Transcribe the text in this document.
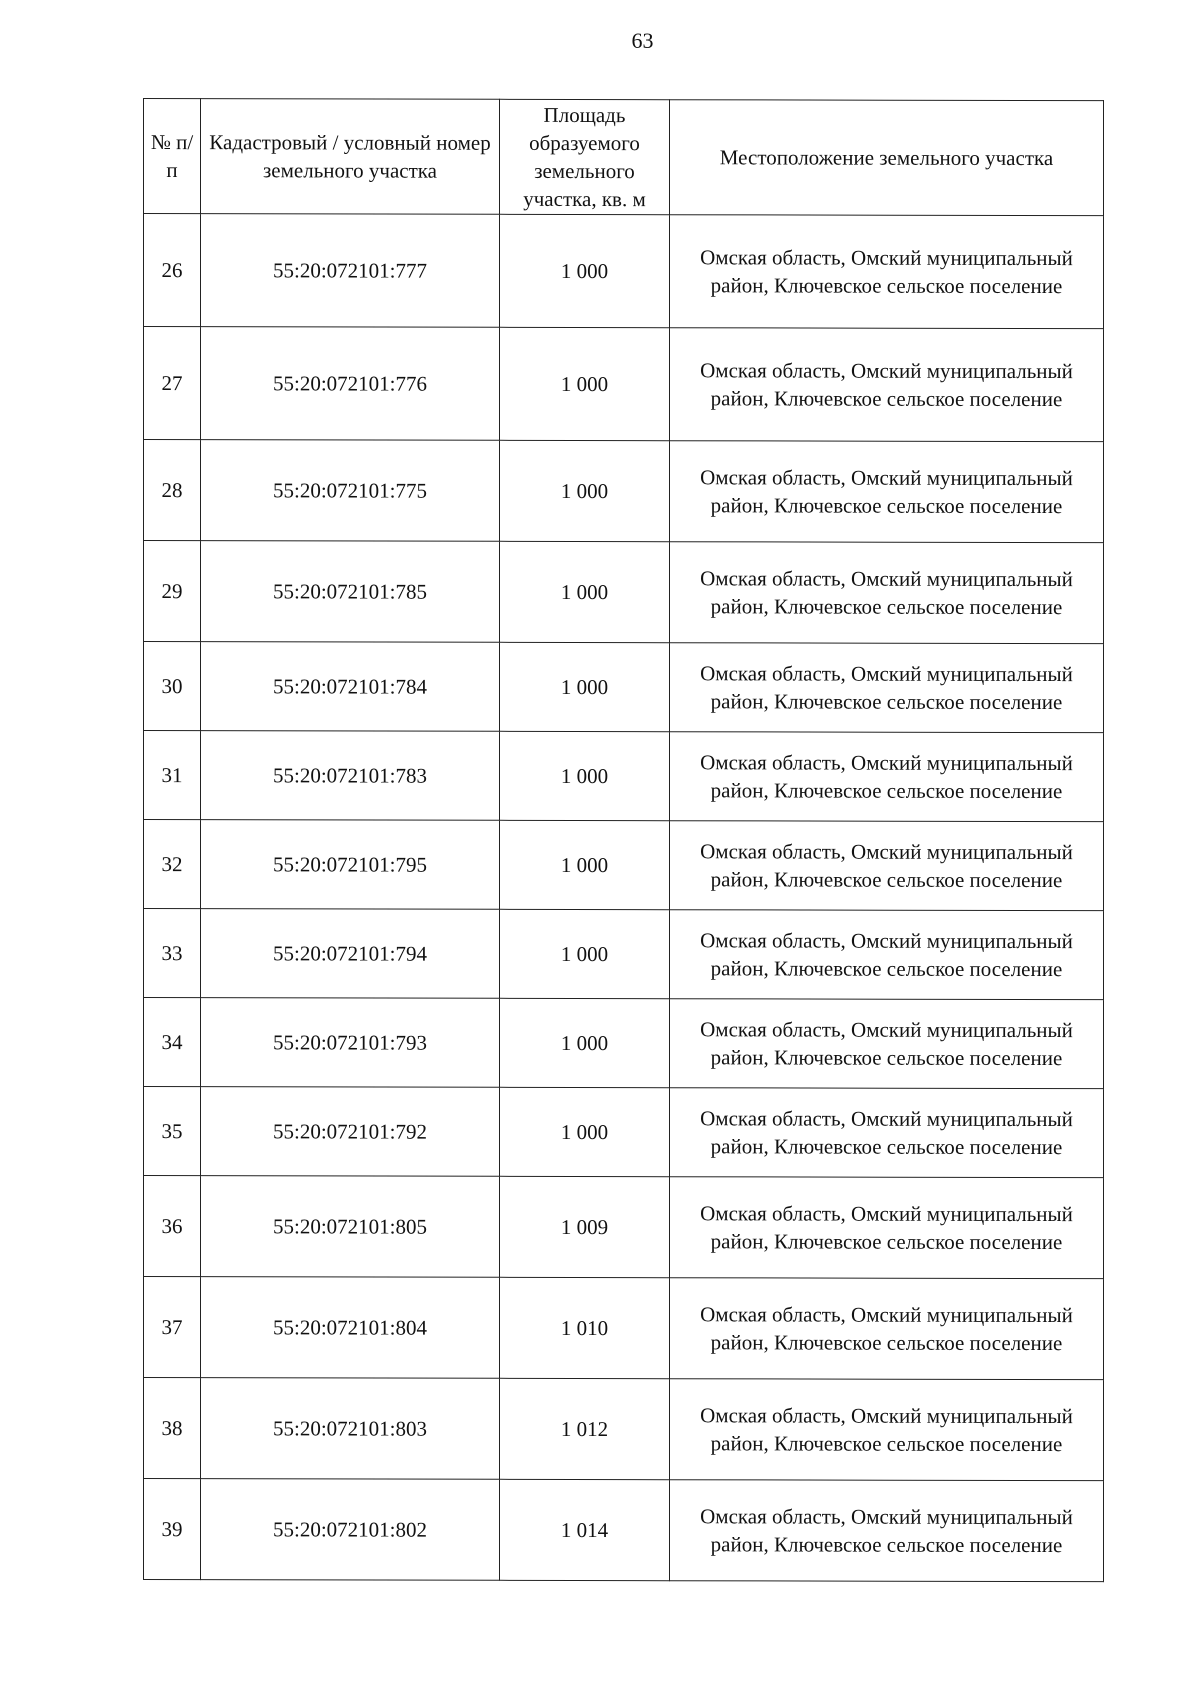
63
№ п/п	Кадастровый / условный номер земельного участка	Площадь образуемого земельного участка, кв. м	Местоположение земельного участка
26	55:20:072101:777	1 000	Омская область, Омский муниципальный район, Ключевское сельское поселение
27	55:20:072101:776	1 000	Омская область, Омский муниципальный район, Ключевское сельское поселение
28	55:20:072101:775	1 000	Омская область, Омский муниципальный район, Ключевское сельское поселение
29	55:20:072101:785	1 000	Омская область, Омский муниципальный район, Ключевское сельское поселение
30	55:20:072101:784	1 000	Омская область, Омский муниципальный район, Ключевское сельское поселение
31	55:20:072101:783	1 000	Омская область, Омский муниципальный район, Ключевское сельское поселение
32	55:20:072101:795	1 000	Омская область, Омский муниципальный район, Ключевское сельское поселение
33	55:20:072101:794	1 000	Омская область, Омский муниципальный район, Ключевское сельское поселение
34	55:20:072101:793	1 000	Омская область, Омский муниципальный район, Ключевское сельское поселение
35	55:20:072101:792	1 000	Омская область, Омский муниципальный район, Ключевское сельское поселение
36	55:20:072101:805	1 009	Омская область, Омский муниципальный район, Ключевское сельское поселение
37	55:20:072101:804	1 010	Омская область, Омский муниципальный район, Ключевское сельское поселение
38	55:20:072101:803	1 012	Омская область, Омский муниципальный район, Ключевское сельское поселение
39	55:20:072101:802	1 014	Омская область, Омский муниципальный район, Ключевское сельское поселение
